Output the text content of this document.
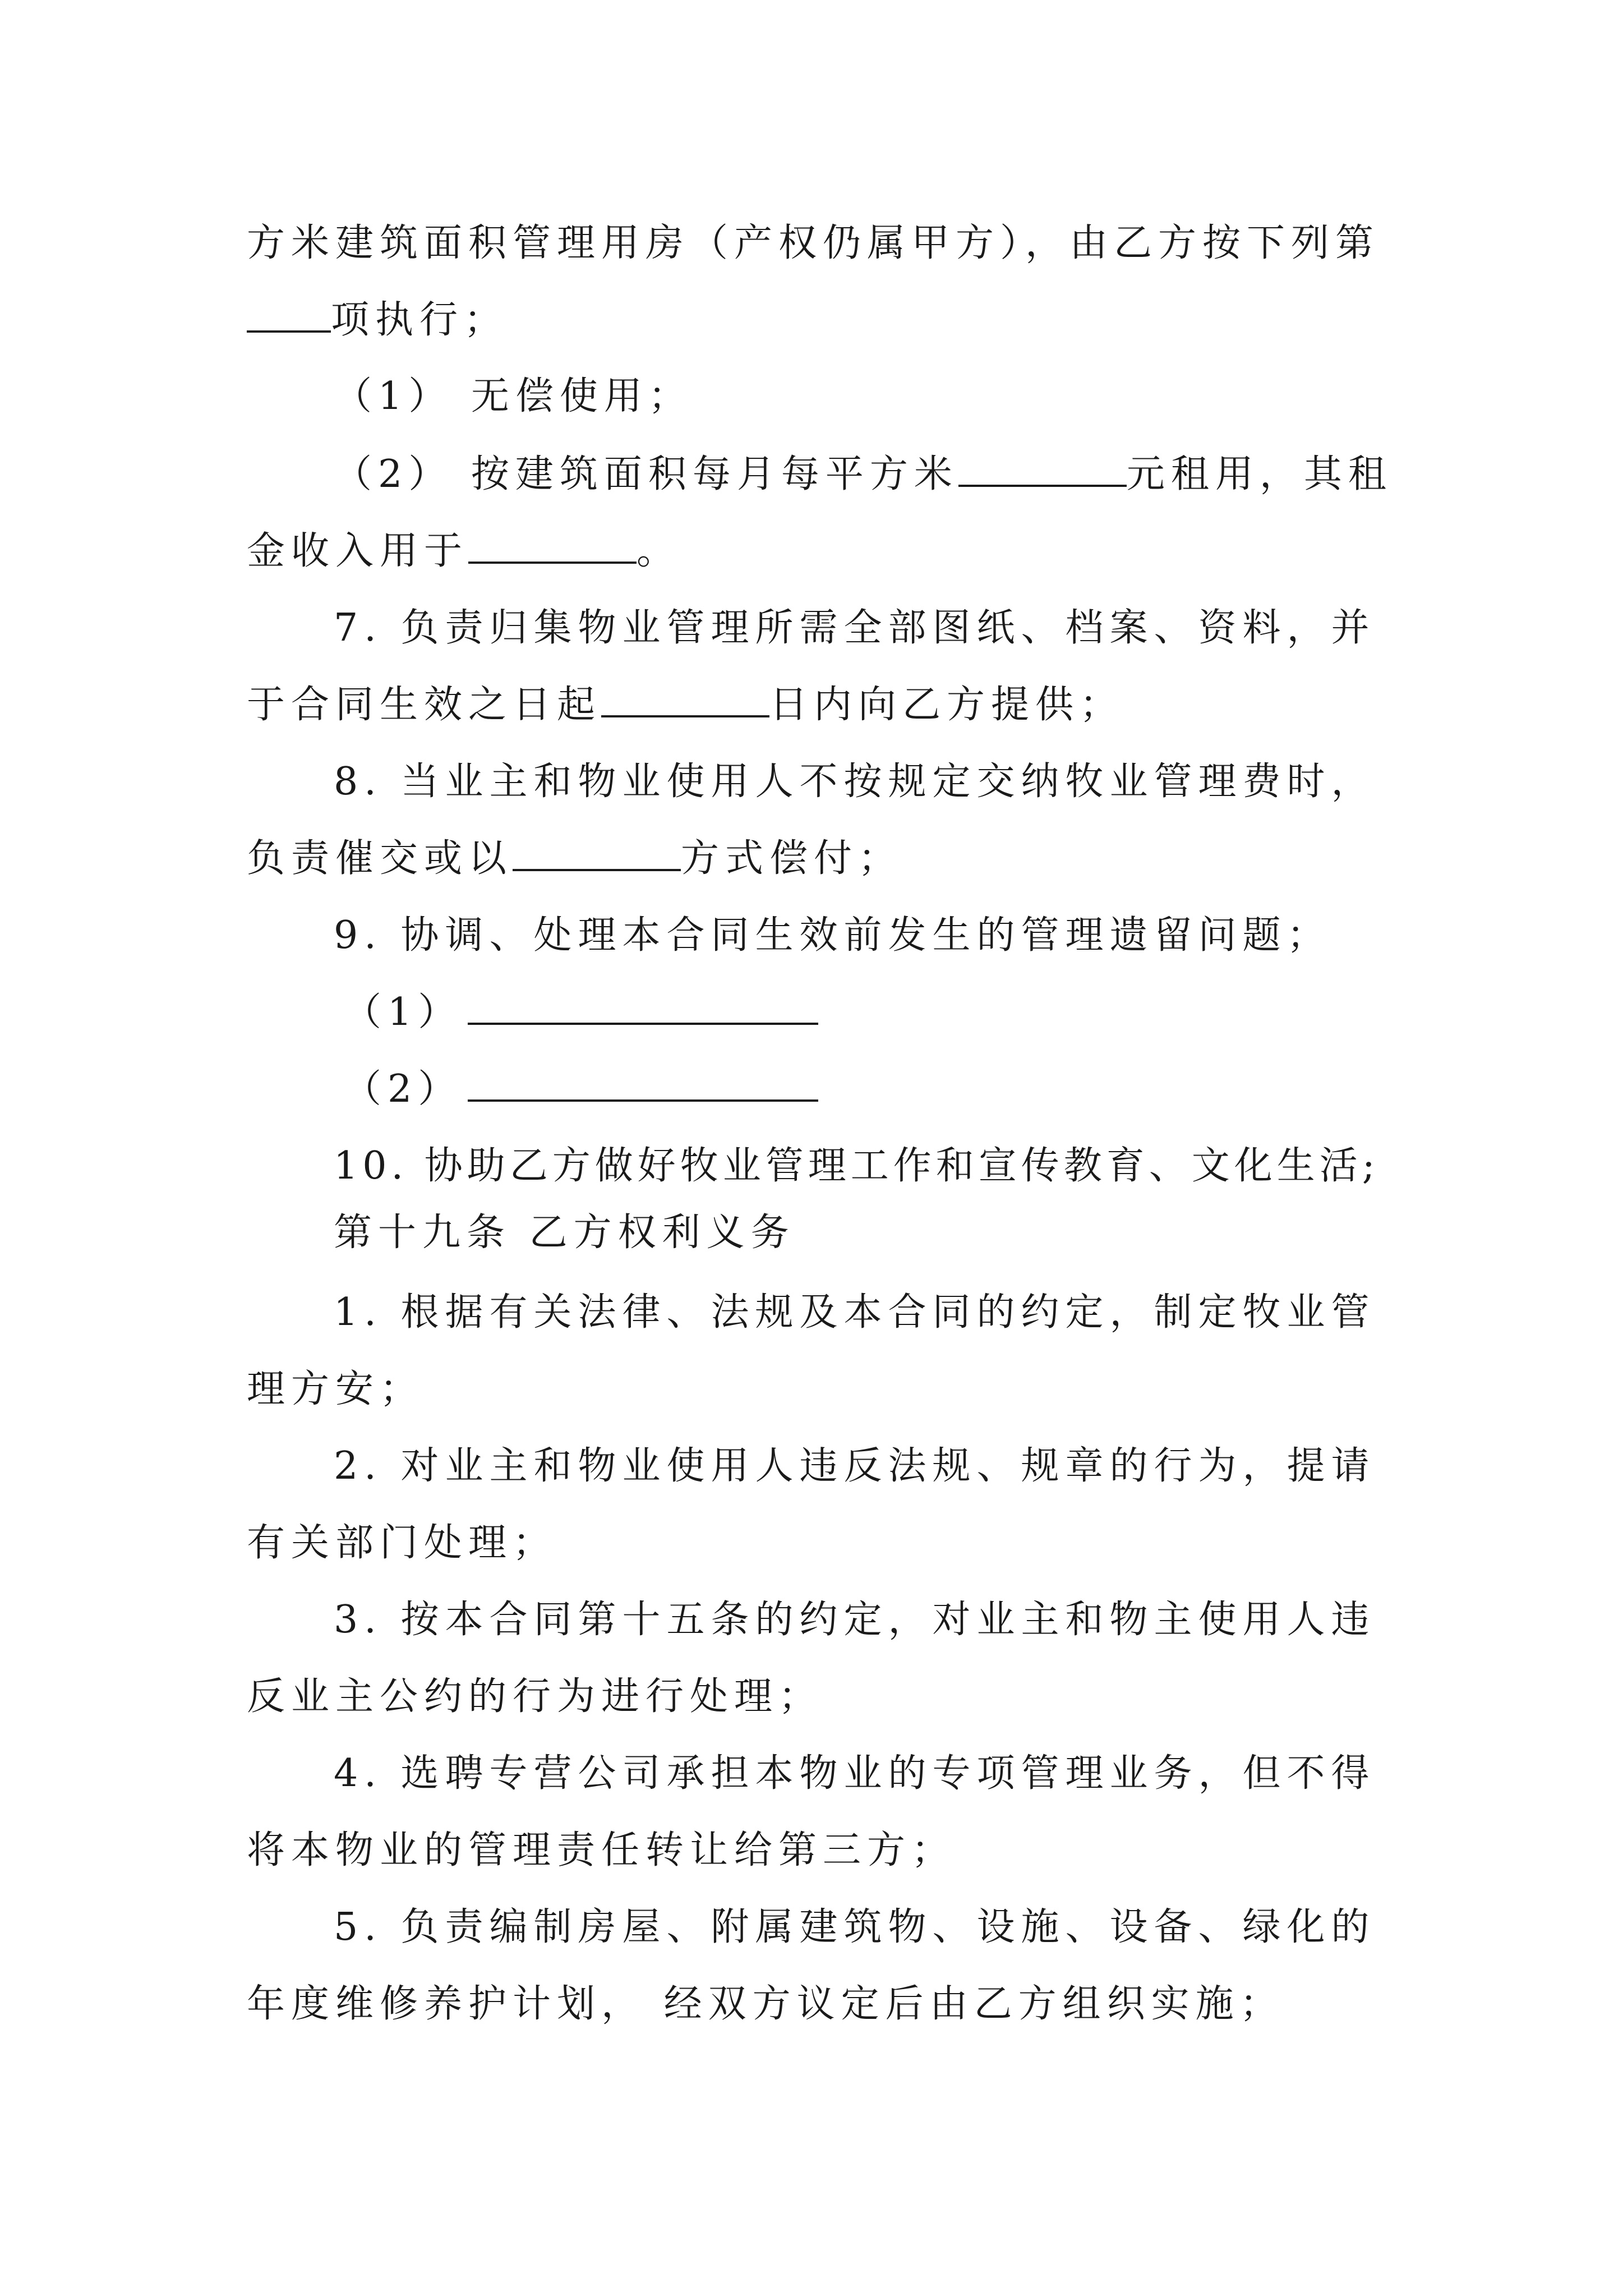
方米建筑面积管理用房（产权仍属甲方），由乙方按下列第
项执行；
（1） 无偿使用；
（2） 按建筑面积每月每平方米	元租用，其租
金收入用于	。
7. 负责归集物业管理所需全部图纸、档案、资料，并
于合同生效之日起	日内向乙方提供；
8. 当业主和物业使用人不按规定交纳牧业管理费时，
负责催交或以	方式偿付；
9. 协调、处理本合同生效前发生的管理遗留问题；
（1）
（2）
10. 协助乙方做好牧业管理工作和宣传教育、文化生活;
第十九条 乙方权利义务
1. 根据有关法律、法规及本合同的约定，制定牧业管
理方安；
2. 对业主和物业使用人违反法规、规章的行为，提请
有关部门处理；
3. 按本合同第十五条的约定，对业主和物主使用人违
反业主公约的行为进行处理；
4. 选聘专营公司承担本物业的专项管理业务，但不得
将本物业的管理责任转让给第三方；
5. 负责编制房屋、附属建筑物、设施、设备、绿化的
年度维修养护计划， 经双方议定后由乙方组织实施；
